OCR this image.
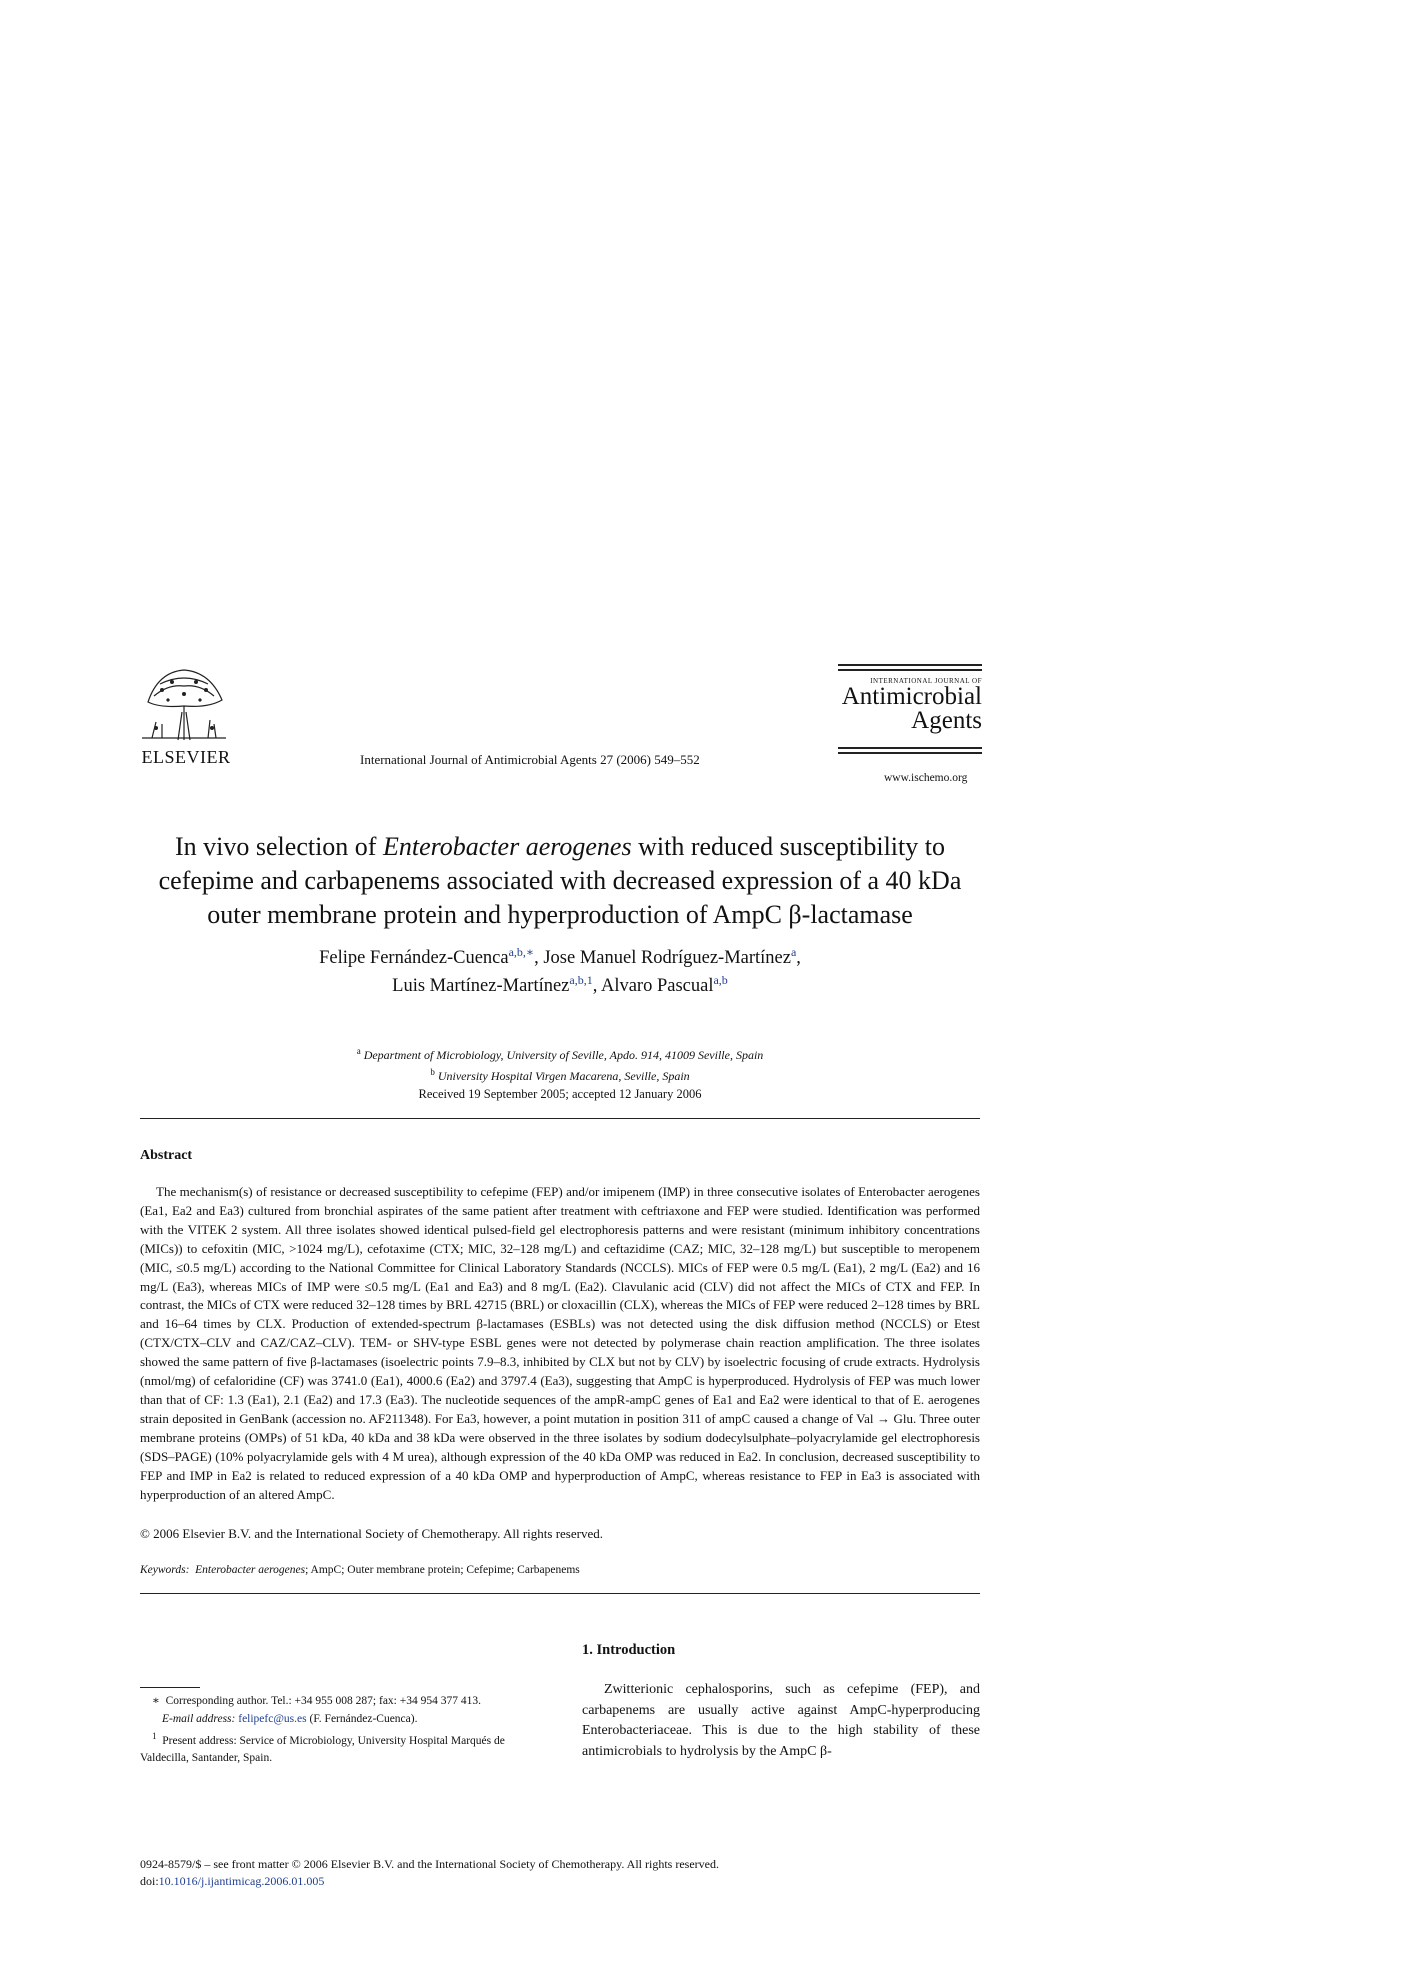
ELSEVIER	International Journal of Antimicrobial Agents 27 (2006) 549–552
INTERNATIONAL JOURNAL OF
Antimicrobial
Agents
www.ischemo.org
In vivo selection of Enterobacter aerogenes with reduced susceptibility to cefepime and carbapenems associated with decreased expression of a 40 kDa outer membrane protein and hyperproduction of AmpC β-lactamase
Felipe Fernández-Cuenca$^{a,b,∗}$, Jose Manuel Rodríguez-Martínez$^a$,
Luis Martínez-Martínez$^{a,b,1}$, Alvaro Pascual$^{a,b}$
$^a$ Department of Microbiology, University of Seville, Apdo. 914, 41009 Seville, Spain
$^b$ University Hospital Virgen Macarena, Seville, Spain
Received 19 September 2005; accepted 12 January 2006
Abstract

The mechanism(s) of resistance or decreased susceptibility to cefepime (FEP) and/or imipenem (IMP) in three consecutive isolates of Enterobacter aerogenes (Ea1, Ea2 and Ea3) cultured from bronchial aspirates of the same patient after treatment with ceftriaxone and FEP were studied. Identification was performed with the VITEK 2 system. All three isolates showed identical pulsed-field gel electrophoresis patterns and were resistant (minimum inhibitory concentrations (MICs)) to cefoxitin (MIC, >1024 mg/L), cefotaxime (CTX; MIC, 32–128 mg/L) and ceftazidime (CAZ; MIC, 32–128 mg/L) but susceptible to meropenem (MIC, ≤0.5 mg/L) according to the National Committee for Clinical Laboratory Standards (NCCLS). MICs of FEP were 0.5 mg/L (Ea1), 2 mg/L (Ea2) and 16 mg/L (Ea3), whereas MICs of IMP were ≤0.5 mg/L (Ea1 and Ea3) and 8 mg/L (Ea2). Clavulanic acid (CLV) did not affect the MICs of CTX and FEP. In contrast, the MICs of CTX were reduced 32–128 times by BRL 42715 (BRL) or cloxacillin (CLX), whereas the MICs of FEP were reduced 2–128 times by BRL and 16–64 times by CLX. Production of extended-spectrum β-lactamases (ESBLs) was not detected using the disk diffusion method (NCCLS) or Etest (CTX/CTX–CLV and CAZ/CAZ–CLV). TEM- or SHV-type ESBL genes were not detected by polymerase chain reaction amplification. The three isolates showed the same pattern of five β-lactamases (isoelectric points 7.9–8.3, inhibited by CLX but not by CLV) by isoelectric focusing of crude extracts. Hydrolysis (nmol/mg) of cefaloridine (CF) was 3741.0 (Ea1), 4000.6 (Ea2) and 3797.4 (Ea3), suggesting that AmpC is hyperproduced. Hydrolysis of FEP was much lower than that of CF: 1.3 (Ea1), 2.1 (Ea2) and 17.3 (Ea3). The nucleotide sequences of the ampR-ampC genes of Ea1 and Ea2 were identical to that of E. aerogenes strain deposited in GenBank (accession no. AF211348). For Ea3, however, a point mutation in position 311 of ampC caused a change of Val → Glu. Three outer membrane proteins (OMPs) of 51 kDa, 40 kDa and 38 kDa were observed in the three isolates by sodium dodecylsulphate–polyacrylamide gel electrophoresis (SDS–PAGE) (10% polyacrylamide gels with 4 M urea), although expression of the 40 kDa OMP was reduced in Ea2. In conclusion, decreased susceptibility to FEP and IMP in Ea2 is related to reduced expression of a 40 kDa OMP and hyperproduction of AmpC, whereas resistance to FEP in Ea3 is associated with hyperproduction of an altered AmpC.

© 2006 Elsevier B.V. and the International Society of Chemotherapy. All rights reserved.
Keywords: Enterobacter aerogenes; AmpC; Outer membrane protein; Cefepime; Carbapenems
1. Introduction

Zwitterionic cephalosporins, such as cefepime (FEP), and carbapenems are usually active against AmpC-hyperproducing Enterobacteriaceae. This is due to the high stability of these antimicrobials to hydrolysis by the AmpC β-

∗ Corresponding author. Tel.: +34 955 008 287; fax: +34 954 377 413.
E-mail address: felipefc@us.es (F. Fernández-Cuenca).
$^1$ Present address: Service of Microbiology, University Hospital Marqués de Valdecilla, Santander, Spain.
0924-8579/$ – see front matter © 2006 Elsevier B.V. and the International Society of Chemotherapy. All rights reserved.
doi:10.1016/j.ijantimicag.2006.01.005
